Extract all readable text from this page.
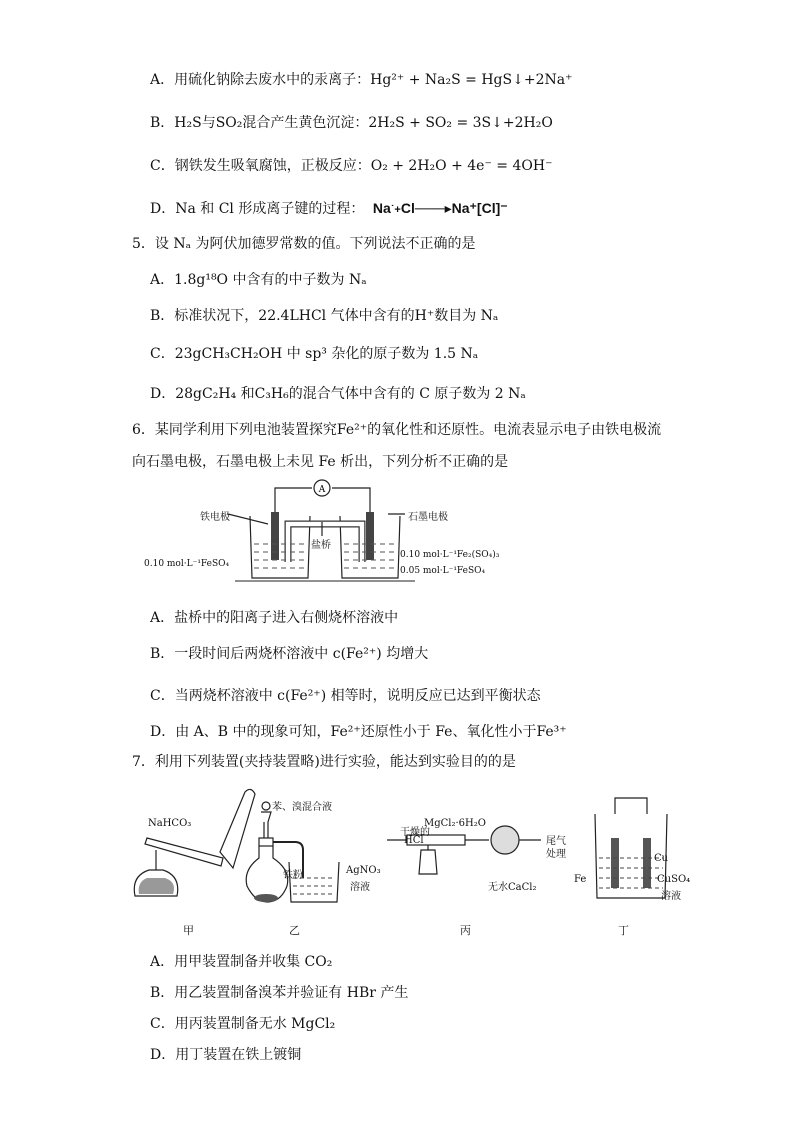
A．用硫化钠除去废水中的汞离子：Hg²⁺ + Na₂S = HgS↓+2Na⁺
B．H₂S与SO₂混合产生黄色沉淀：2H₂S + SO₂ = 3S↓+2H₂O
C．钢铁发生吸氧腐蚀，正极反应：O₂ + 2H₂O + 4e⁻ = 4OH⁻
D．Na 和 Cl 形成离子键的过程： Na˙+Cl───▸Na⁺[Cl]⁻
5．设 Nₐ 为阿伏加德罗常数的值。下列说法不正确的是
A．1.8g¹⁸O 中含有的中子数为 Nₐ
B．标准状况下，22.4LHCl 气体中含有的H⁺数目为 Nₐ
C．23gCH₃CH₂OH 中 sp³ 杂化的原子数为 1.5 Nₐ
D．28gC₂H₄ 和C₃H₆的混合气体中含有的 C 原子数为 2 Nₐ
6．某同学利用下列电池装置探究Fe²⁺的氧化性和还原性。电流表显示电子由铁电极流
向石墨电极，石墨电极上未见 Fe 析出，下列分析不正确的是
A
铁电极	石墨电极
盐桥
0.10 mol·L⁻¹FeSO₄
0.10 mol·L⁻¹Fe₂(SO₄)₃
0.05 mol·L⁻¹FeSO₄
A．盐桥中的阳离子进入右侧烧杯溶液中
B．一段时间后两烧杯溶液中 c(Fe²⁺) 均增大
C．当两烧杯溶液中 c(Fe²⁺) 相等时，说明反应已达到平衡状态
D．由 A、B 中的现象可知，Fe²⁺还原性小于 Fe、氧化性小于Fe³⁺
7．利用下列装置(夹持装置略)进行实验，能达到实验目的的是
NaHCO₃
苯、溴混合液
铁粉	AgNO₃
溶液
干燥的
HCl
MgCl₂·6H₂O
尾气
处理
无水CaCl₂
Cu
Fe	CuSO₄
溶液
甲	乙	丙	丁
A．用甲装置制备并收集 CO₂
B．用乙装置制备溴苯并验证有 HBr 产生
C．用丙装置制备无水 MgCl₂
D．用丁装置在铁上镀铜
